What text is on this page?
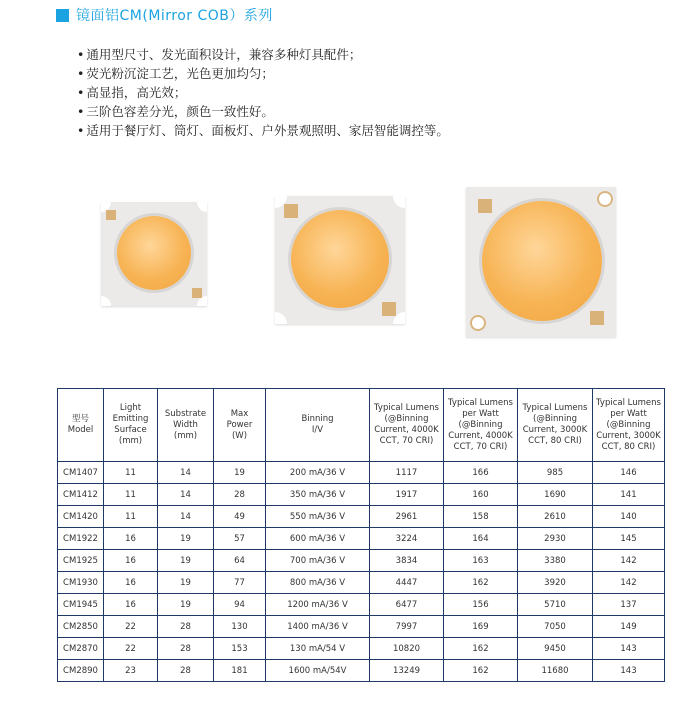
镜面铝CM(Mirror COB）系列
• 通用型尺寸、发光面积设计，兼容多种灯具配件；
• 荧光粉沉淀工艺，光色更加均匀；
• 高显指，高光效；
• 三阶色容差分光，颜色一致性好。
• 适用于餐厅灯、筒灯、面板灯、户外景观照明、家居智能调控等。
型号
Model	Light
Emitting
Surface
(mm)	Substrate
Width
(mm)	Max
Power
(W)	Binning
I/V	Typical Lumens
(@Binning
Current, 4000K
CCT, 70 CRI)	Typical Lumens
per Watt
(@Binning
Current, 4000K
CCT, 70 CRI)	Typical Lumens
(@Binning
Current, 3000K
CCT, 80 CRI)	Typical Lumens
per Watt
(@Binning
Current, 3000K
CCT, 80 CRI)

CM1407	11	14	19	200 mA/36 V	1117	166	985	146
CM1412	11	14	28	350 mA/36 V	1917	160	1690	141
CM1420	11	14	49	550 mA/36 V	2961	158	2610	140
CM1922	16	19	57	600 mA/36 V	3224	164	2930	145
CM1925	16	19	64	700 mA/36 V	3834	163	3380	142
CM1930	16	19	77	800 mA/36 V	4447	162	3920	142
CM1945	16	19	94	1200 mA/36 V	6477	156	5710	137
CM2850	22	28	130	1400 mA/36 V	7997	169	7050	149
CM2870	22	28	153	130 mA/54 V	10820	162	9450	143
CM2890	23	28	181	1600 mA/54V	13249	162	11680	143
